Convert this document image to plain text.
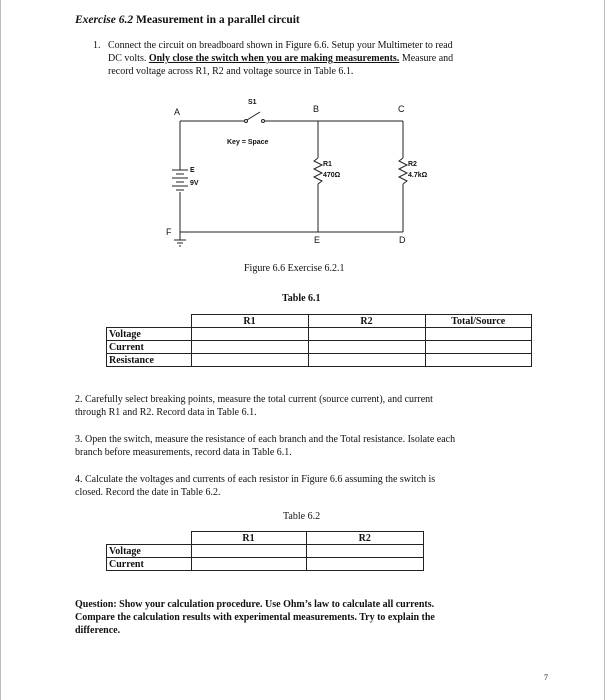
Exercise 6.2 Measurement in a parallel circuit
1. Connect the circuit on breadboard shown in Figure 6.6. Setup your Multimeter to read
DC volts. Only close the switch when you are making measurements. Measure and
record voltage across R1, R2 and voltage source in Table 6.1.
A
S1
B	C
Key = Space
E
9V
R1
470Ω
R2
4.7kΩ
F
E	D
Figure 6.6 Exercise 6.2.1
Table 6.1
	R1	R2	Total/Source
Voltage			
Current			
Resistance			
2. Carefully select breaking points, measure the total current (source current), and current
through R1 and R2. Record data in Table 6.1.
3. Open the switch, measure the resistance of each branch and the Total resistance. Isolate each
branch before measurements, record data in Table 6.1.
4. Calculate the voltages and currents of each resistor in Figure 6.6 assuming the switch is
closed. Record the date in Table 6.2.
Table 6.2
	R1	R2
Voltage		
Current		
Question: Show your calculation procedure. Use Ohm’s law to calculate all currents.
Compare the calculation results with experimental measurements. Try to explain the
difference.
7
